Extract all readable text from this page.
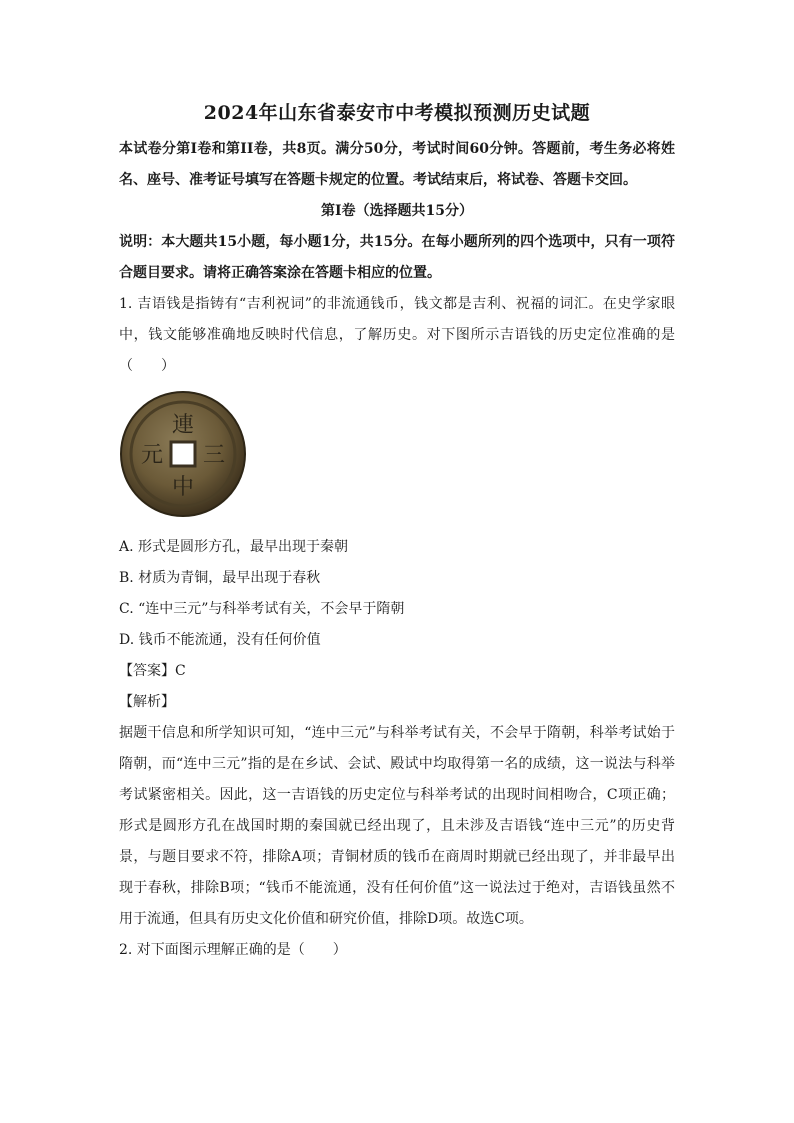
2024年山东省泰安市中考模拟预测历史试题

本试卷分第I卷和第II卷，共8页。满分50分，考试时间60分钟。答题前，考生务必将姓名、座号、准考证号填写在答题卡规定的位置。考试结束后，将试卷、答题卡交回。

第I卷（选择题共15分）

说明：本大题共15小题，每小题1分，共15分。在每小题所列的四个选项中，只有一项符合题目要求。请将正确答案涂在答题卡相应的位置。

1. 吉语钱是指铸有“吉利祝词”的非流通钱币，钱文都是吉利、祝福的词汇。在史学家眼中，钱文能够准确地反映时代信息，了解历史。对下图所示吉语钱的历史定位准确的是（　　）

連
三
中
元

A. 形式是圆形方孔，最早出现于秦朝

B. 材质为青铜，最早出现于春秋

C. “连中三元”与科举考试有关，不会早于隋朝

D. 钱币不能流通，没有任何价值

【答案】C

【解析】

据题干信息和所学知识可知，“连中三元”与科举考试有关，不会早于隋朝，科举考试始于隋朝，而“连中三元”指的是在乡试、会试、殿试中均取得第一名的成绩，这一说法与科举考试紧密相关。因此，这一吉语钱的历史定位与科举考试的出现时间相吻合，C项正确；形式是圆形方孔在战国时期的秦国就已经出现了，且未涉及吉语钱“连中三元”的历史背景，与题目要求不符，排除A项；青铜材质的钱币在商周时期就已经出现了，并非最早出现于春秋，排除B项；“钱币不能流通，没有任何价值”这一说法过于绝对，吉语钱虽然不用于流通，但具有历史文化价值和研究价值，排除D项。故选C项。

2. 对下面图示理解正确的是（　　）
